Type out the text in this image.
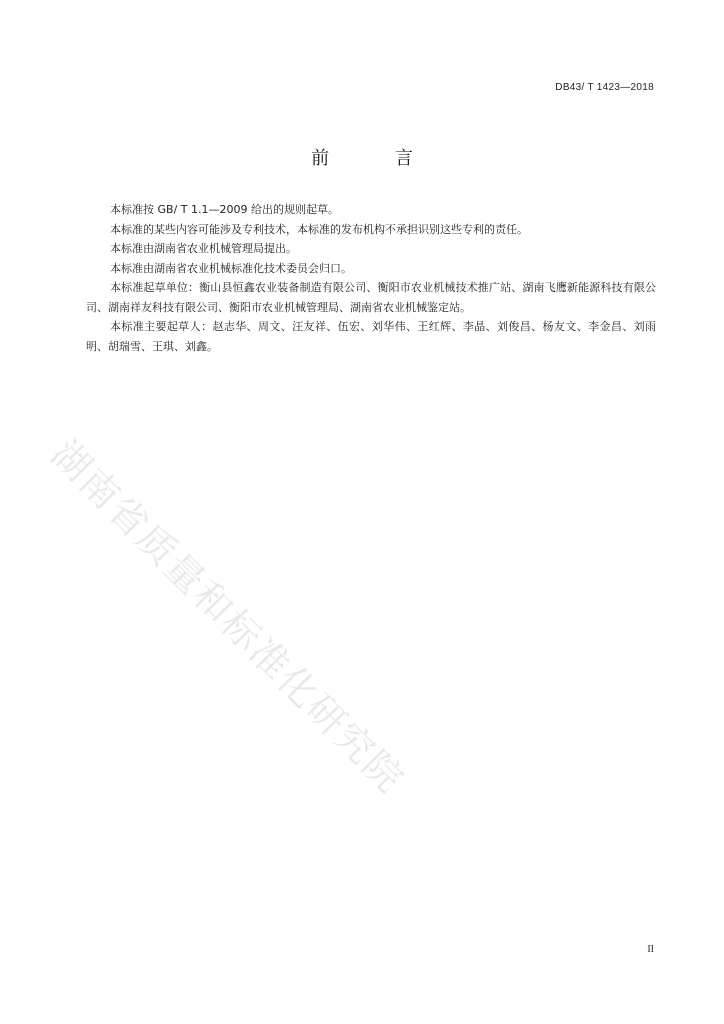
DB43/ T 1423—2018
前 言

本标准按 GB/ T 1.1—2009 给出的规则起草。

本标准的某些内容可能涉及专利技术，本标准的发布机构不承担识别这些专利的责任。

本标准由湖南省农业机械管理局提出。

本标准由湖南省农业机械标准化技术委员会归口。

本标准起草单位：衡山县恒鑫农业装备制造有限公司、衡阳市农业机械技术推广站、湖南飞鹰新能源科技有限公司、湖南祥友科技有限公司、衡阳市农业机械管理局、湖南省农业机械鉴定站。

本标准主要起草人：赵志华、周文、汪友祥、伍宏、刘华伟、王红辉、李晶、刘俊昌、杨友文、李金昌、刘雨明、胡瑞雪、王琪、刘鑫。

湖南省质量和标准化研究院
II
